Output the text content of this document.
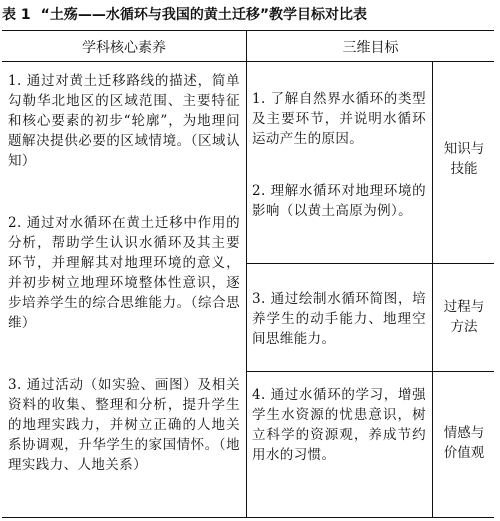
表 1 “土殇——水循环与我国的黄土迁移”教学目标对比表
学科核心素养	三维目标
1. 通过对黄土迁移路线的描述，简单勾勒华北地区的区域范围、主要特征和核心要素的初步“轮廓”，为地理问题解决提供必要的区域情境。（区域认知）
2. 通过对水循环在黄土迁移中作用的分析，帮助学生认识水循环及其主要环节，并理解其对地理环境的意义，并初步树立地理环境整体性意识，逐步培养学生的综合思维能力。（综合思维）
3. 通过活动（如实验、画图）及相关资料的收集、整理和分析，提升学生的地理实践力，并树立正确的人地关系协调观，升华学生的家国情怀。（地理实践力、人地关系）
1. 了解自然界水循环的类型及主要环节，并说明水循环运动产生的原因。
2. 理解水循环对地理环境的影响（以黄土高原为例）。
知识与技能
3. 通过绘制水循环简图，培养学生的动手能力、地理空间思维能力。
过程与方法
4. 通过水循环的学习，增强学生水资源的忧患意识，树立科学的资源观，养成节约用水的习惯。
情感与价值观
